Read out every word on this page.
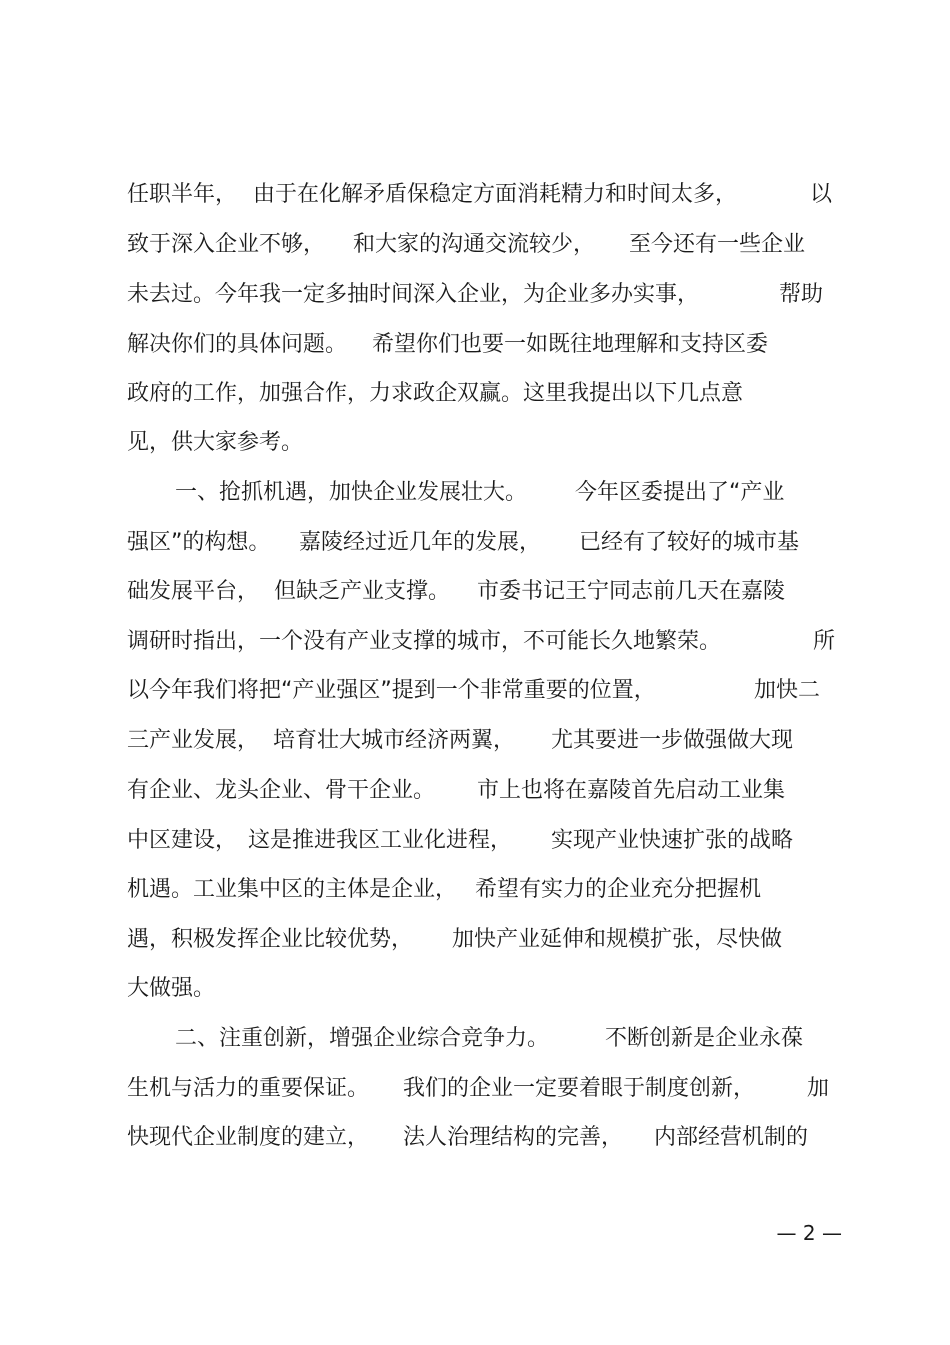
任职半年， 由于在化解矛盾保稳定方面消耗精力和时间太多，	以
致于深入企业不够， 和大家的沟通交流较少， 至今还有一些企业
未去过。今年我一定多抽时间深入企业，为企业多办实事，	帮助
解决你们的具体问题。 希望你们也要一如既往地理解和支持区委
政府的工作，加强合作，力求政企双赢。这里我提出以下几点意
见，供大家参考。
一、抢抓机遇，加快企业发展壮大。 今年区委提出了“产业
强区”的构想。 嘉陵经过近几年的发展， 已经有了较好的城市基
础发展平台， 但缺乏产业支撑。 市委书记王宁同志前几天在嘉陵
调研时指出，一个没有产业支撑的城市，不可能长久地繁荣。	所
以今年我们将把“产业强区”提到一个非常重要的位置，	加快二
三产业发展， 培育壮大城市经济两翼， 尤其要进一步做强做大现
有企业、龙头企业、骨干企业。 市上也将在嘉陵首先启动工业集
中区建设， 这是推进我区工业化进程， 实现产业快速扩张的战略
机遇。工业集中区的主体是企业， 希望有实力的企业充分把握机
遇，积极发挥企业比较优势， 加快产业延伸和规模扩张，尽快做
大做强。
二、注重创新，增强企业综合竞争力。	不断创新是企业永葆
生机与活力的重要保证。 我们的企业一定要着眼于制度创新， 加
快现代企业制度的建立， 法人治理结构的完善， 内部经营机制的
— 2 —
